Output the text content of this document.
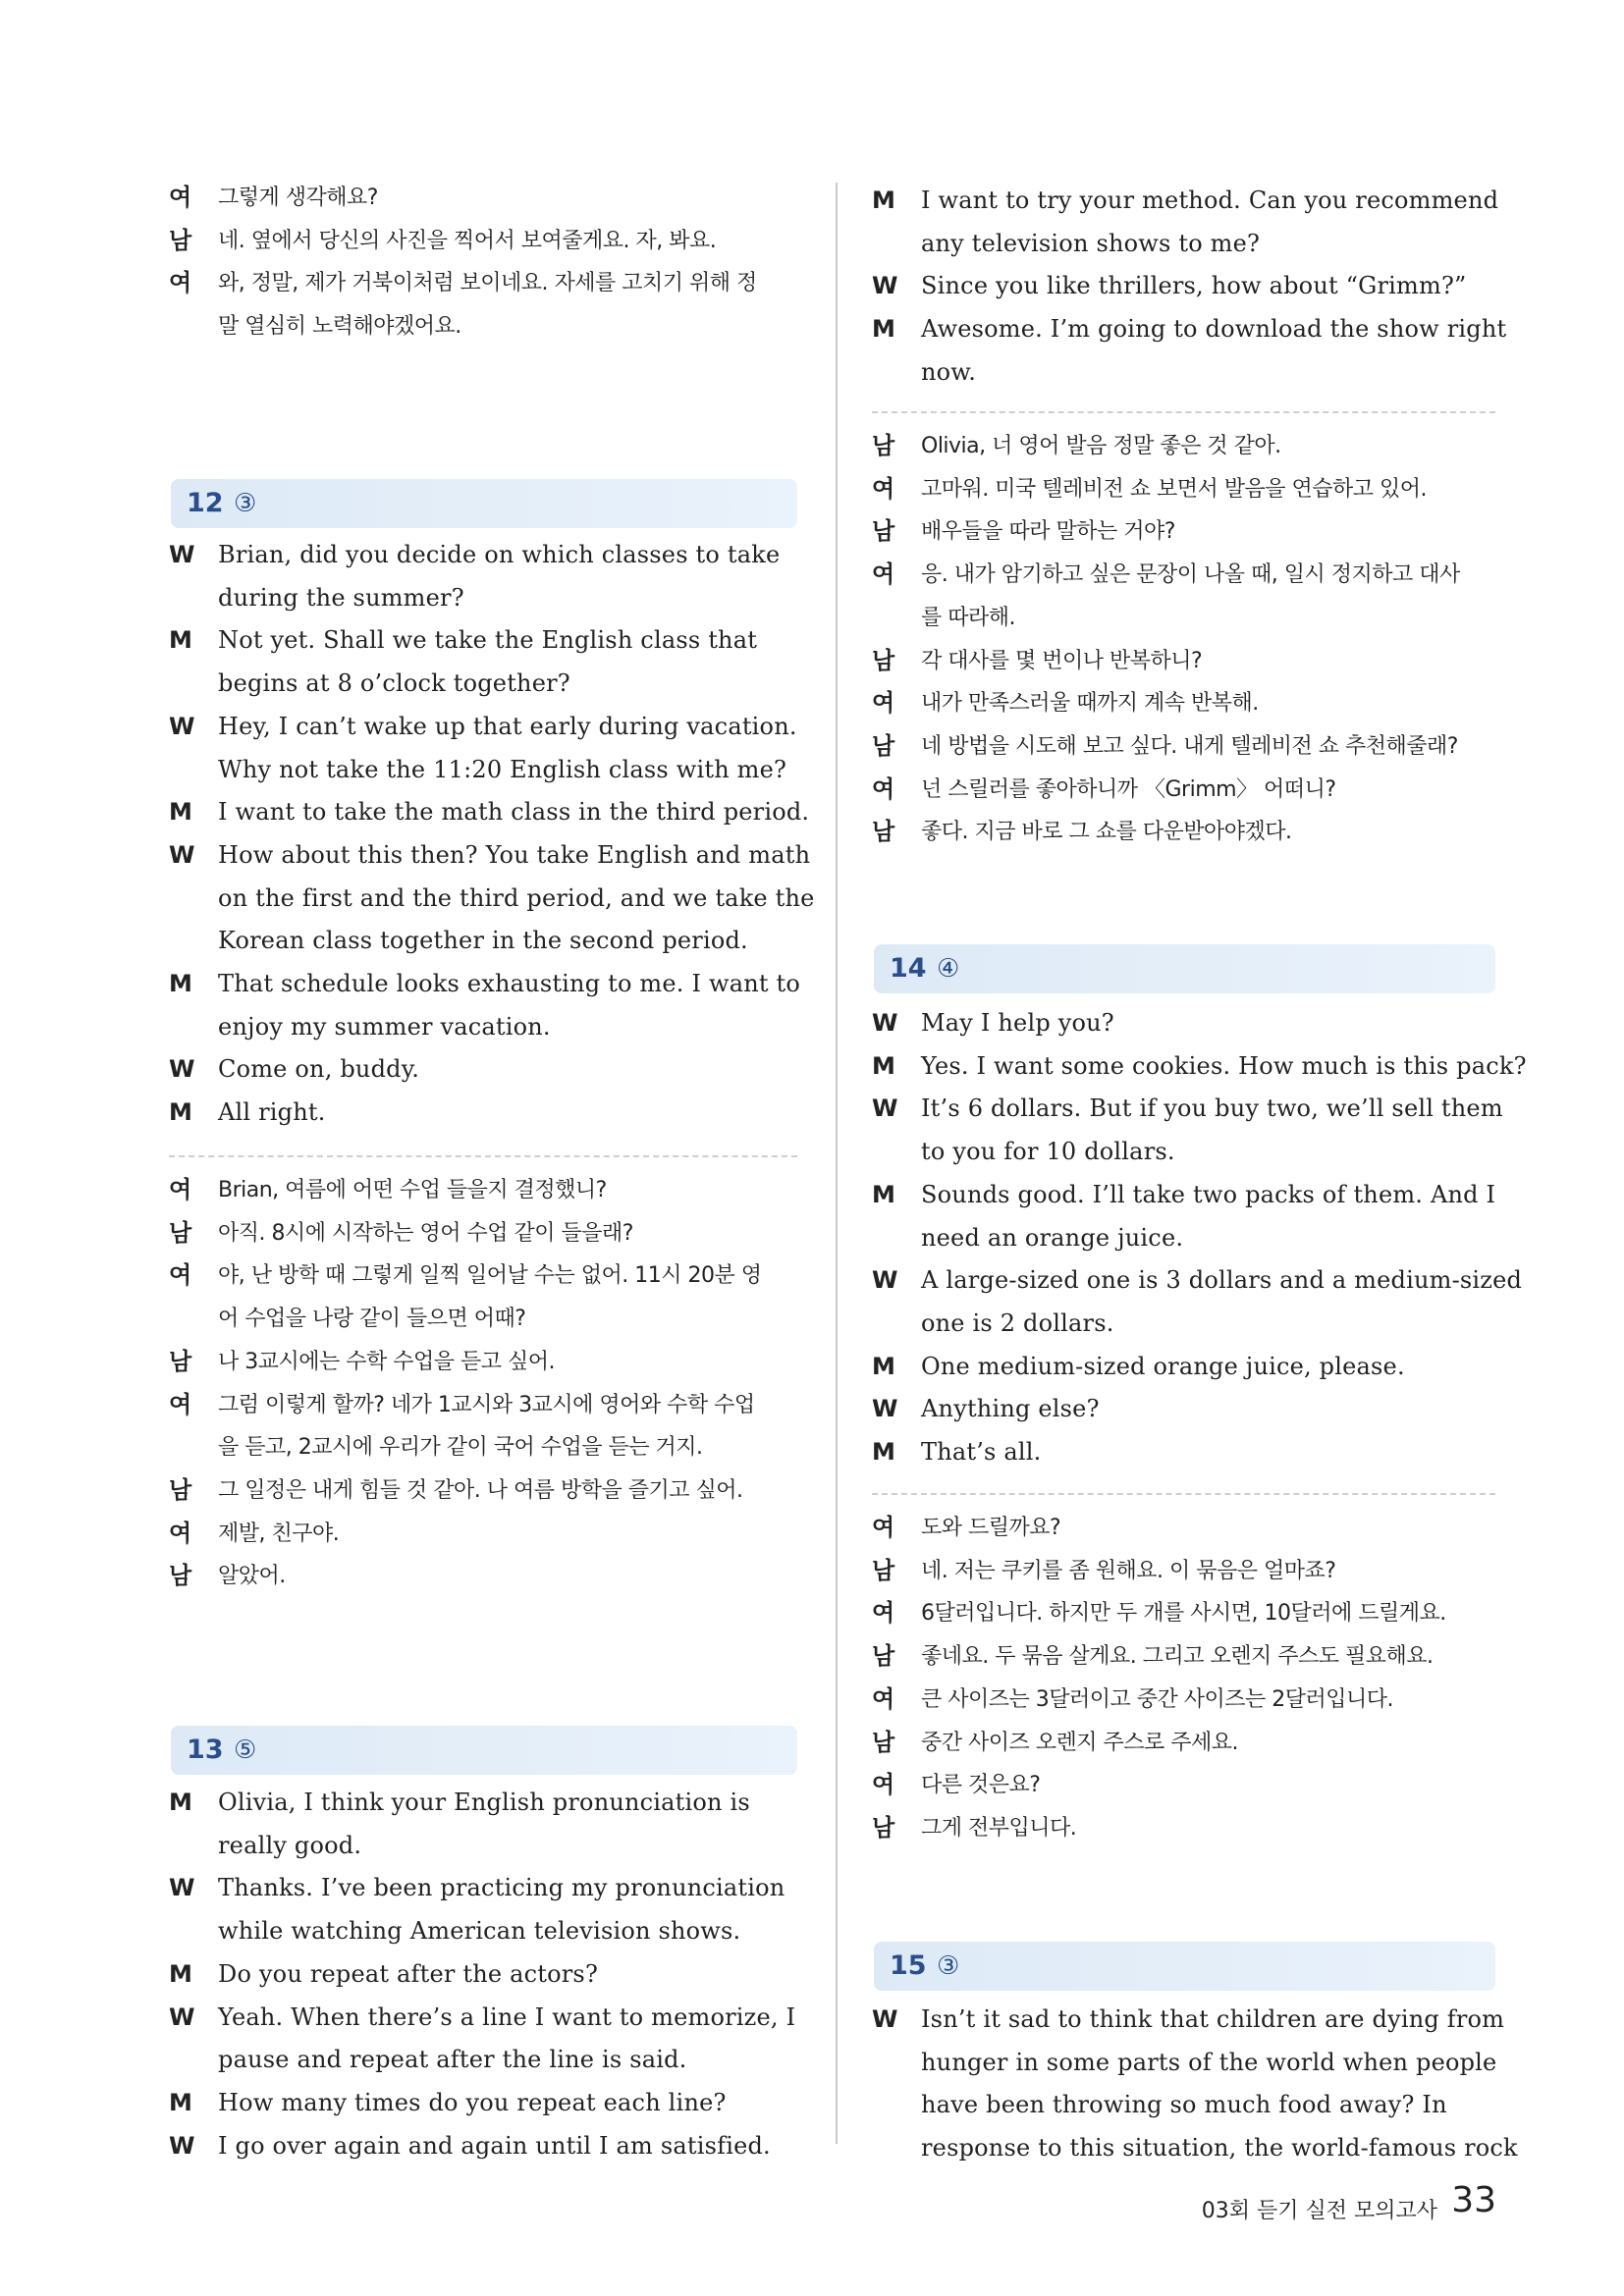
여	그렇게 생각해요?
남	네. 옆에서 당신의 사진을 찍어서 보여줄게요. 자, 봐요.
여	와, 정말, 제가 거북이처럼 보이네요. 자세를 고치기 위해 정
말 열심히 노력해야겠어요.
12 ③
W Brian, did you decide on which classes to take
during the summer?
M	Not yet. Shall we take the English class that
begins at 8 o’clock together?
W Hey, I can’t wake up that early during vacation.
Why not take the 11:20 English class with me?
M	I want to take the math class in the third period.
W How about this then? You take English and math
on the first and the third period, and we take the
Korean class together in the second period.
M	That schedule looks exhausting to me. I want to
enjoy my summer vacation.
W Come on, buddy.
M	All right.
여	Brian, 여름에 어떤 수업 들을지 결정했니?
남	아직. 8시에 시작하는 영어 수업 같이 들을래?
여	야, 난 방학 때 그렇게 일찍 일어날 수는 없어. 11시 20분 영
어 수업을 나랑 같이 들으면 어때?
남	나 3교시에는 수학 수업을 듣고 싶어.
여	그럼 이렇게 할까? 네가 1교시와 3교시에 영어와 수학 수업
을 듣고, 2교시에 우리가 같이 국어 수업을 듣는 거지.
남	그 일정은 내게 힘들 것 같아. 나 여름 방학을 즐기고 싶어.
여	제발, 친구야.
남	알았어.
13 ⑤
M	Olivia, I think your English pronunciation is
really good.
W Thanks. I’ve been practicing my pronunciation
while watching American television shows.
M	Do you repeat after the actors?
W Yeah. When there’s a line I want to memorize, I
pause and repeat after the line is said.
M	How many times do you repeat each line?
W I go over again and again until I am satisfied.
M	I want to try your method. Can you recommend
any television shows to me?
W Since you like thrillers, how about “Grimm?”
M	Awesome. I’m going to download the show right
now.
남	Olivia, 너 영어 발음 정말 좋은 것 같아.
여	고마워. 미국 텔레비전 쇼 보면서 발음을 연습하고 있어.
남	배우들을 따라 말하는 거야?
여	응. 내가 암기하고 싶은 문장이 나올 때, 일시 정지하고 대사
를 따라해.
남	각 대사를 몇 번이나 반복하니?
여	내가 만족스러울 때까지 계속 반복해.
남	네 방법을 시도해 보고 싶다. 내게 텔레비전 쇼 추천해줄래?
여	넌 스릴러를 좋아하니까 〈Grimm〉 어떠니?
남	좋다. 지금 바로 그 쇼를 다운받아야겠다.
14 ④
W May I help you?
M	Yes. I want some cookies. How much is this pack?
W It’s 6 dollars. But if you buy two, we’ll sell them
to you for 10 dollars.
M	Sounds good. I’ll take two packs of them. And I
need an orange juice.
W A large-sized one is 3 dollars and a medium-sized
one is 2 dollars.
M	One medium-sized orange juice, please.
W Anything else?
M	That’s all.
여	도와 드릴까요?
남	네. 저는 쿠키를 좀 원해요. 이 묶음은 얼마죠?
여	6달러입니다. 하지만 두 개를 사시면, 10달러에 드릴게요.
남	좋네요. 두 묶음 살게요. 그리고 오렌지 주스도 필요해요.
여	큰 사이즈는 3달러이고 중간 사이즈는 2달러입니다.
남	중간 사이즈 오렌지 주스로 주세요.
여	다른 것은요?
남	그게 전부입니다.
15 ③
W Isn’t it sad to think that children are dying from
hunger in some parts of the world when people
have been throwing so much food away? In
response to this situation, the world-famous rock
03회 듣기 실전 모의고사 33
